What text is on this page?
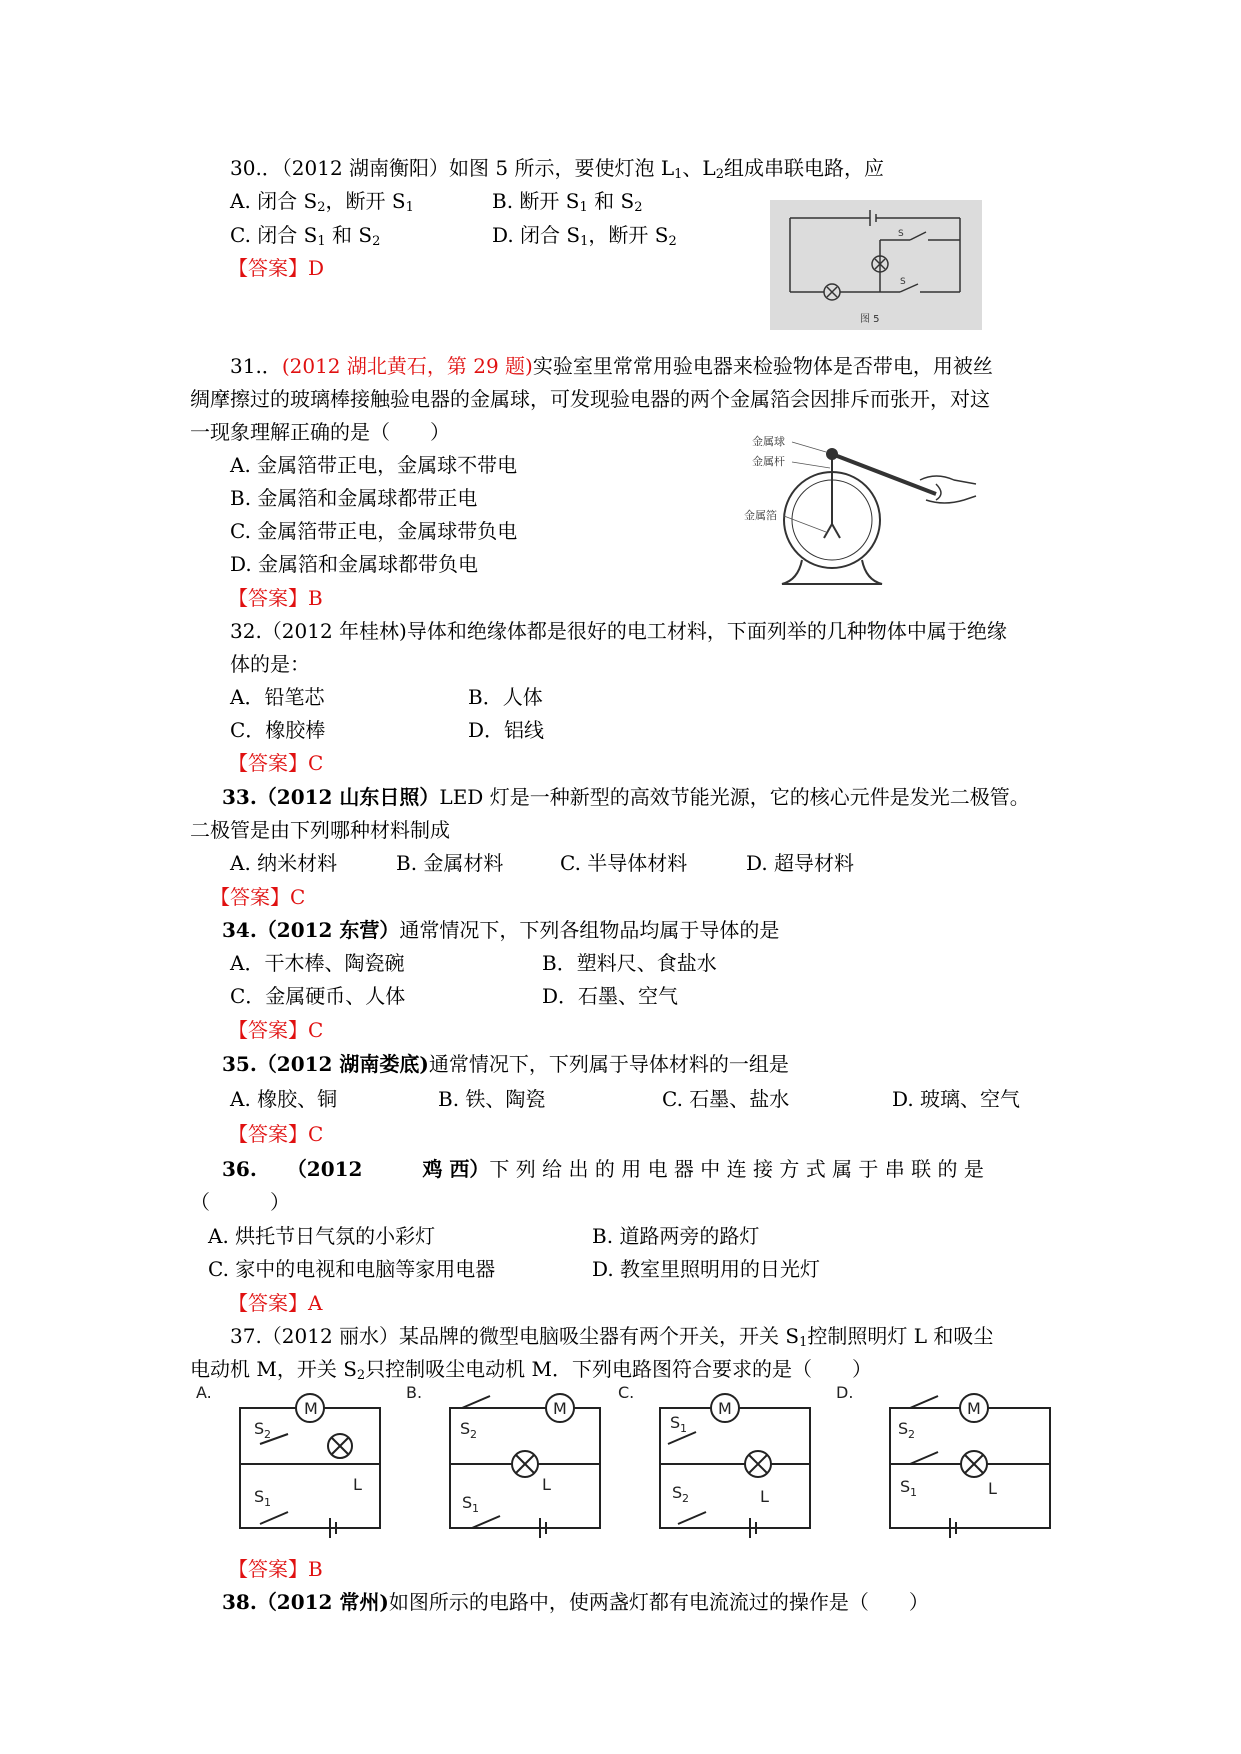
30.．（2012 湖南衡阳）如图 5 所示，要使灯泡 $L_1$、$L_2$组成串联电路，应
A. 闭合 $S_2$，断开 $S_1$	B. 断开 $S_1$ 和 $S_2$
C. 闭合 $S_1$ 和 $S_2$	D. 闭合 $S_1$，断开 $S_2$
【答案】D
S
S
图 5
31.．(2012 湖北黄石，第 29 题)实验室里常常用验电器来检验物体是否带电，用被丝
绸摩擦过的玻璃棒接触验电器的金属球，可发现验电器的两个金属箔会因排斥而张开，对这
一现象理解正确的是（　　）
A. 金属箔带正电，金属球不带电
B. 金属箔和金属球都带正电
C. 金属箔带正电，金属球带负电
D. 金属箔和金属球都带负电
【答案】B
金属球
金属杆
金属箔
32.（2012 年桂林)导体和绝缘体都是很好的电工材料，下面列举的几种物体中属于绝缘
体的是：
A．铅笔芯	B．人体
C．橡胶棒	D．铝线
【答案】C
33.（2012 山东日照）LED 灯是一种新型的高效节能光源，它的核心元件是发光二极管。
二极管是由下列哪种材料制成
A. 纳米材料	B. 金属材料	C. 半导体材料	D. 超导材料
【答案】C
34.（2012 东营）通常情况下，下列各组物品均属于导体的是
A．干木棒、陶瓷碗	B．塑料尺、食盐水
C．金属硬币、人体	D．石墨、空气
【答案】C
35.（2012 湖南娄底)通常情况下，下列属于导体材料的一组是
A. 橡胶、铜	B. 铁、陶瓷	C. 石墨、盐水	D. 玻璃、空气
【答案】C
36.　　（2012　　　鸡 西）下 列 给 出 的 用 电 器 中 连 接 方 式 属 于 串 联 的 是
（　　　）
A. 烘托节日气氛的小彩灯	B. 道路两旁的路灯
C. 家中的电视和电脑等家用电器	D. 教室里照明用的日光灯
【答案】A
37.（2012 丽水）某品牌的微型电脑吸尘器有两个开关，开关 $S_1$控制照明灯 L 和吸尘
电动机 M，开关 $S_2$只控制吸尘电动机 M．下列电路图符合要求的是（　　）
A.	B.	C.	D.
M
S
L
S
M
S
L
S
M
S
L
S
M
S
L
S
2
1
2
1
1
2
2
1
【答案】B
38.（2012 常州)如图所示的电路中，使两盏灯都有电流流过的操作是（　　）
